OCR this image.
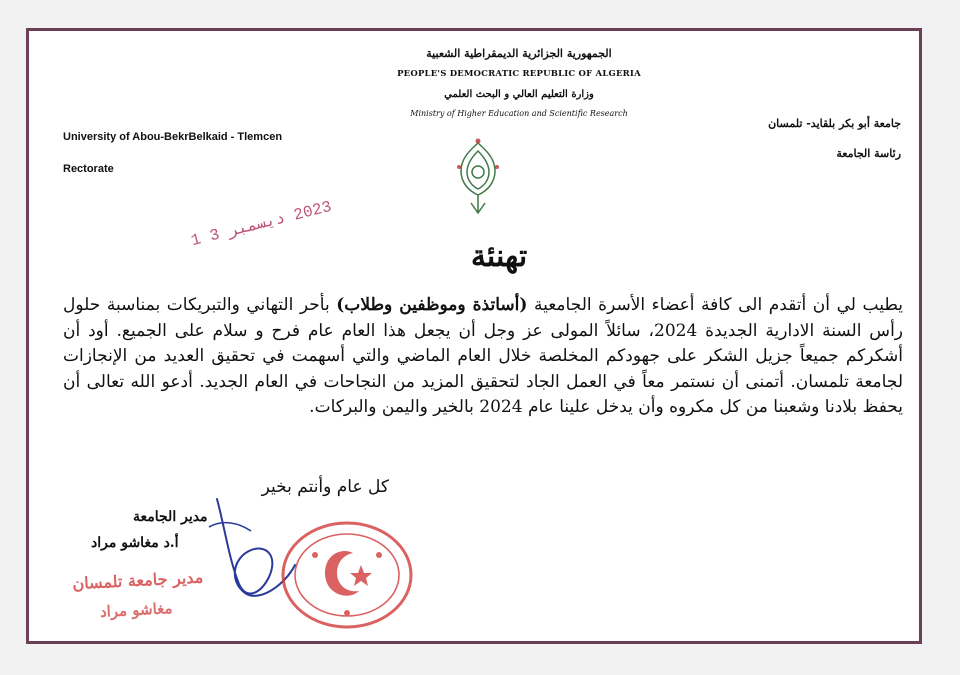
الجمهورية الجزائرية الديمقراطية الشعبية
PEOPLE'S DEMOCRATIC REPUBLIC OF ALGERIA
وزارة التعليم العالي و البحث العلمي
Ministry of Higher Education and Scientific Research
University of Abou-BekrBelkaid - Tlemcen
Rectorate
جامعة أبو بكر بلقايد- تلمسان
رئاسة الجامعة
2023 ديسمبر 3 1
تهنئة

يطيب لي أن أتقدم الى كافة أعضاء الأسرة الجامعية (أساتذة وموظفين وطلاب) بأحر التهاني والتبريكات بمناسبة حلول رأس السنة الادارية الجديدة 2024، سائلاً المولى عز وجل أن يجعل هذا العام عام فرح و سلام على الجميع. أود أن أشكركم جميعاً جزيل الشكر على جهودكم المخلصة خلال العام الماضي والتي أسهمت في تحقيق العديد من الإنجازات لجامعة تلمسان. أتمنى أن نستمر معاً في العمل الجاد لتحقيق المزيد من النجاحات في العام الجديد. أدعو الله تعالى أن يحفظ بلادنا وشعبنا من كل مكروه وأن يدخل علينا عام 2024 بالخير واليمن والبركات.

كل عام وأنتم بخير
مدير الجامعة
أ.د مغاشو مراد
مدير جامعة تلمسان
مغاشو مراد
